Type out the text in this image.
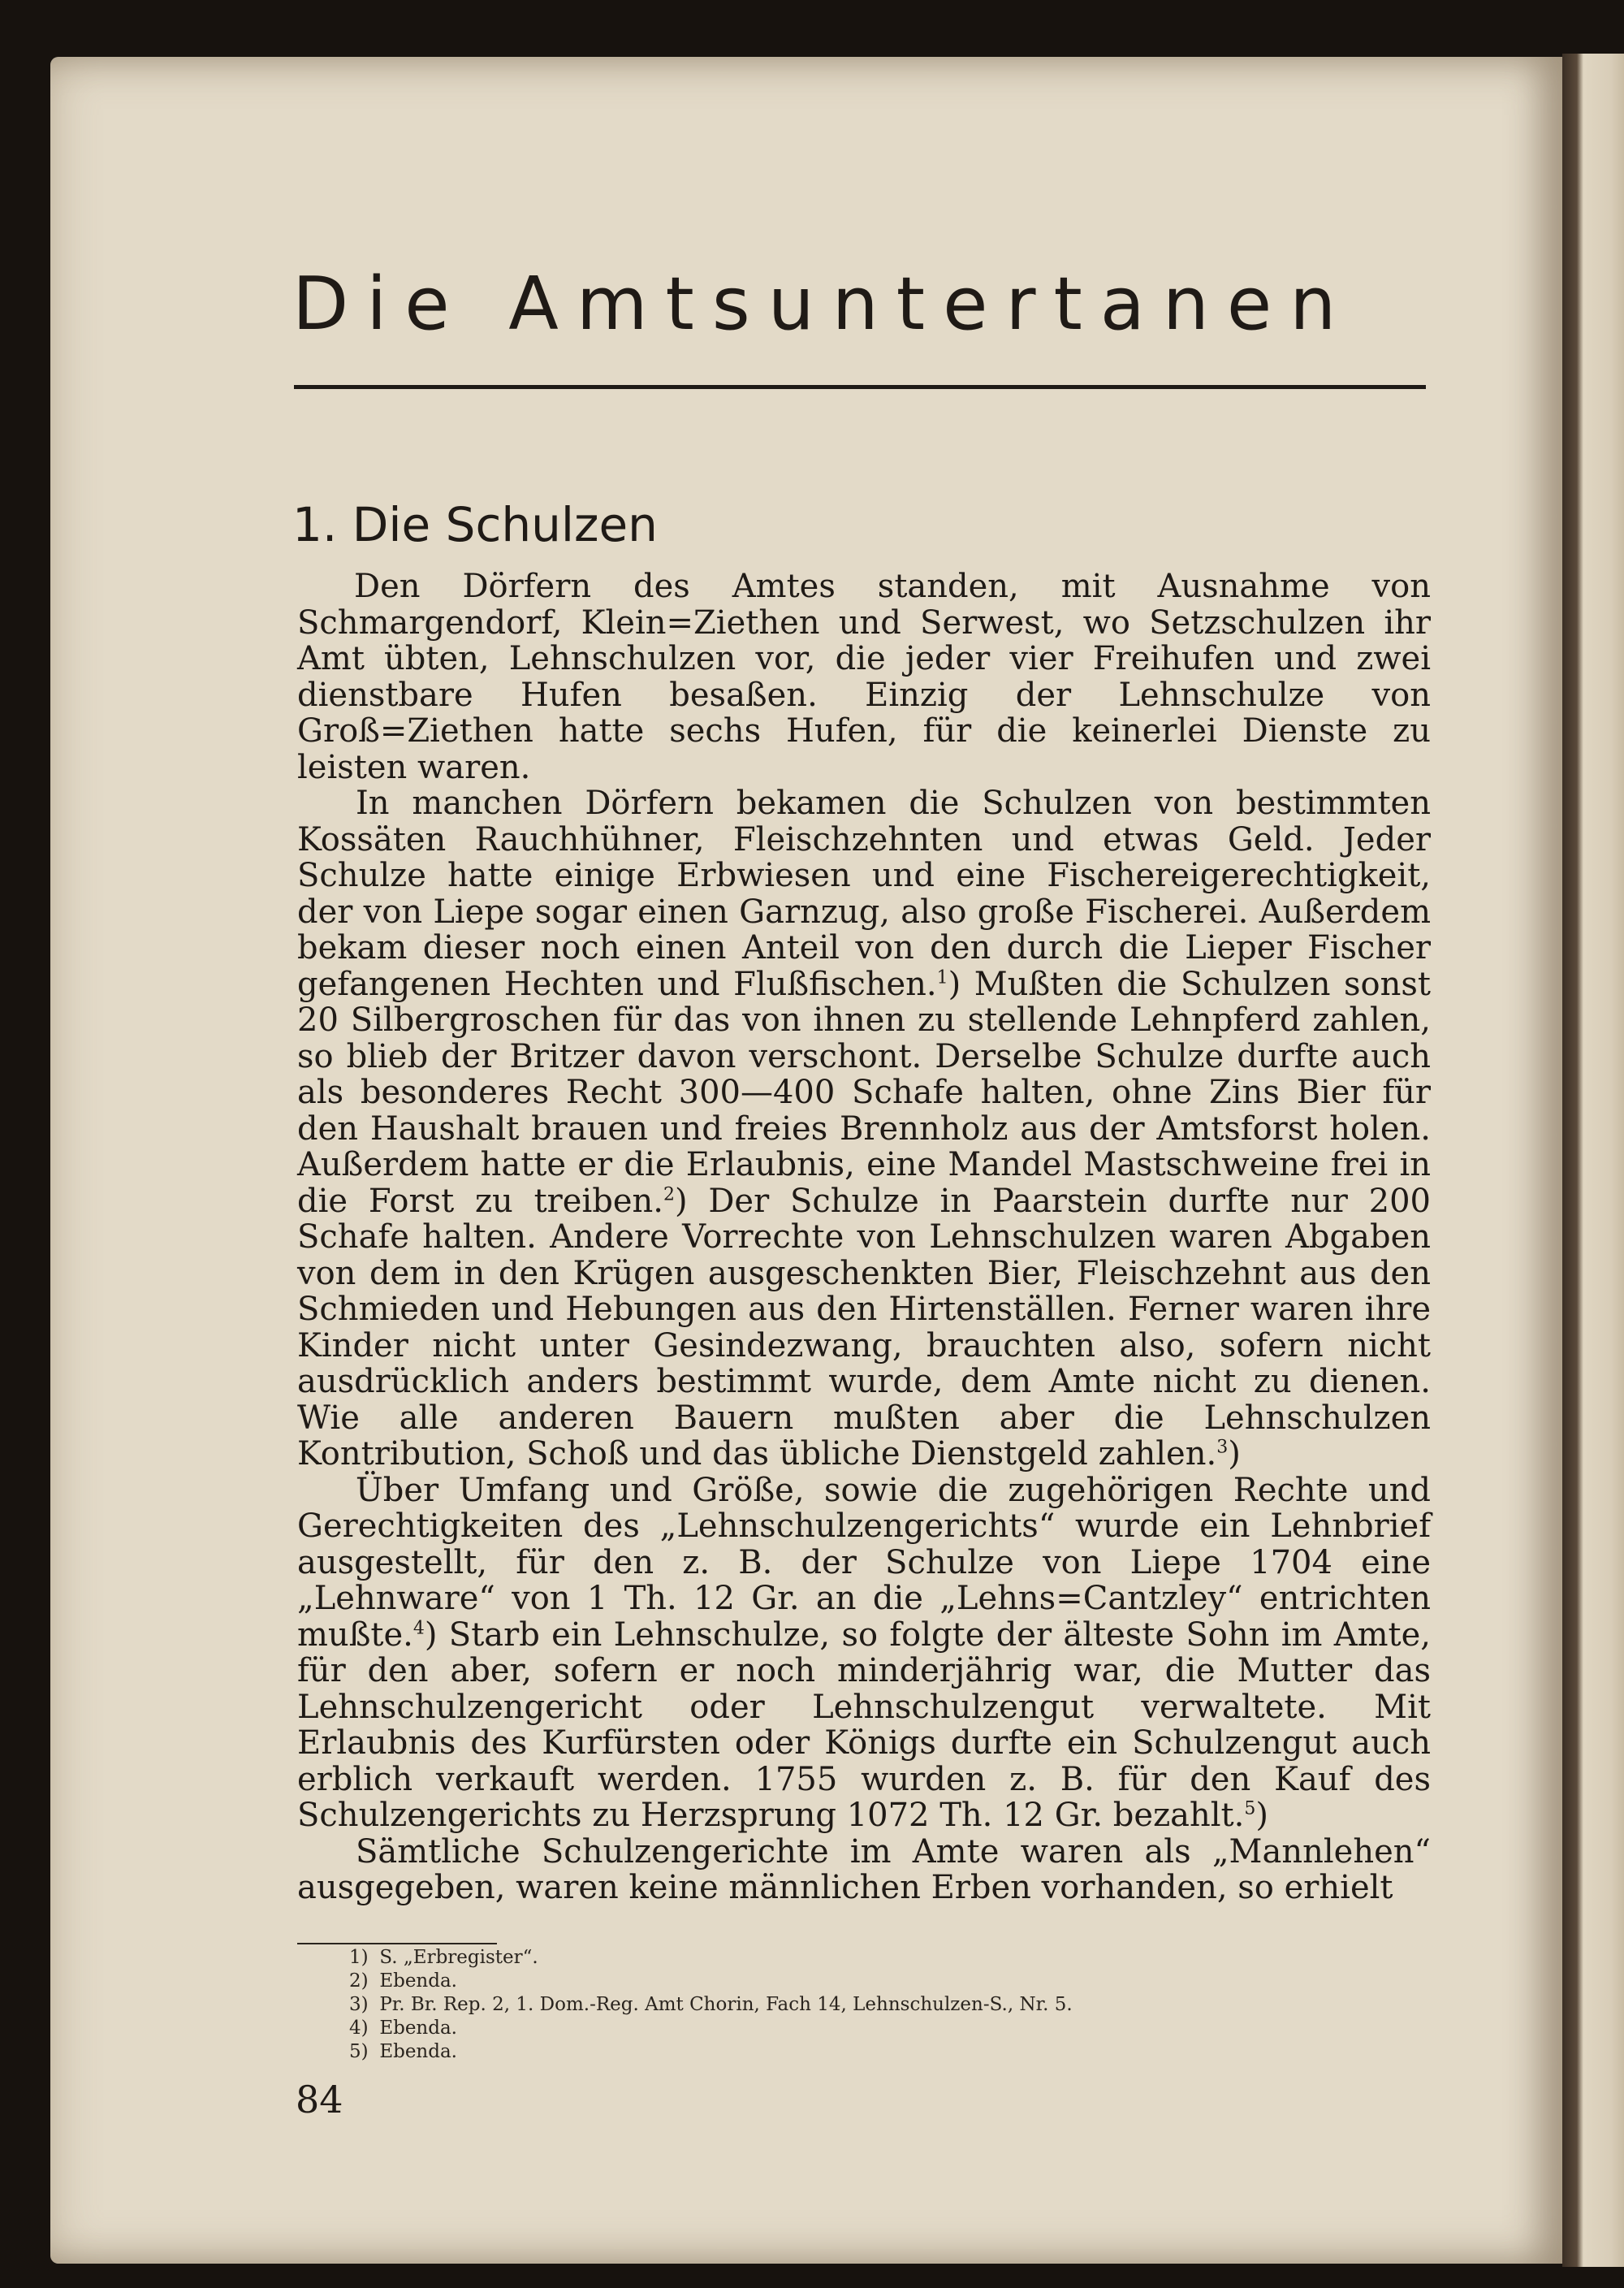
Die Amtsuntertanen
1. Die Schulzen

Den Dörfern des Amtes standen, mit Ausnahme von Schmargendorf, Klein=Ziethen und Serwest, wo Setzschulzen ihr Amt übten, Lehnschulzen vor, die jeder vier Freihufen und zwei dienstbare Hufen besaßen. Einzig der Lehnschulze von Groß=Ziethen hatte sechs Hufen, für die keinerlei Dienste zu leisten waren.

In manchen Dörfern bekamen die Schulzen von bestimmten Kossäten Rauchhühner, Fleischzehnten und etwas Geld. Jeder Schulze hatte einige Erbwiesen und eine Fischereigerechtigkeit, der von Liepe sogar einen Garnzug, also große Fischerei. Außerdem bekam dieser noch einen Anteil von den durch die Lieper Fischer gefangenen Hechten und Flußfischen.$^1$) Mußten die Schulzen sonst 20 Silbergroschen für das von ihnen zu stellende Lehnpferd zahlen, so blieb der Britzer davon verschont. Derselbe Schulze durfte auch als besonderes Recht 300—400 Schafe halten, ohne Zins Bier für den Haushalt brauen und freies Brennholz aus der Amtsforst holen. Außerdem hatte er die Erlaubnis, eine Mandel Mastschweine frei in die Forst zu treiben.$^2$) Der Schulze in Paarstein durfte nur 200 Schafe halten. Andere Vorrechte von Lehnschulzen waren Abgaben von dem in den Krügen ausgeschenkten Bier, Fleischzehnt aus den Schmieden und Hebungen aus den Hirtenställen. Ferner waren ihre Kinder nicht unter Gesindezwang, brauchten also, sofern nicht ausdrücklich anders bestimmt wurde, dem Amte nicht zu dienen. Wie alle anderen Bauern mußten aber die Lehnschulzen Kontribution, Schoß und das übliche Dienstgeld zahlen.$^3$)

Über Umfang und Größe, sowie die zugehörigen Rechte und Gerechtigkeiten des „Lehnschulzengerichts“ wurde ein Lehnbrief ausgestellt, für den z. B. der Schulze von Liepe 1704 eine „Lehnware“ von 1 Th. 12 Gr. an die „Lehns=Cantzley“ entrichten mußte.$^4$) Starb ein Lehnschulze, so folgte der älteste Sohn im Amte, für den aber, sofern er noch minderjährig war, die Mutter das Lehnschulzengericht oder Lehnschulzengut verwaltete. Mit Erlaubnis des Kurfürsten oder Königs durfte ein Schulzengut auch erblich verkauft werden. 1755 wurden z. B. für den Kauf des Schulzengerichts zu Herzsprung 1072 Th. 12 Gr. bezahlt.$^5$)

Sämtliche Schulzengerichte im Amte waren als „Mannlehen“ ausgegeben, waren keine männlichen Erben vorhanden, so erhielt

1) S. „Erbregister“.
2) Ebenda.
3) Pr. Br. Rep. 2, 1. Dom.-Reg. Amt Chorin, Fach 14, Lehnschulzen-S., Nr. 5.
4) Ebenda.
5) Ebenda.
84
